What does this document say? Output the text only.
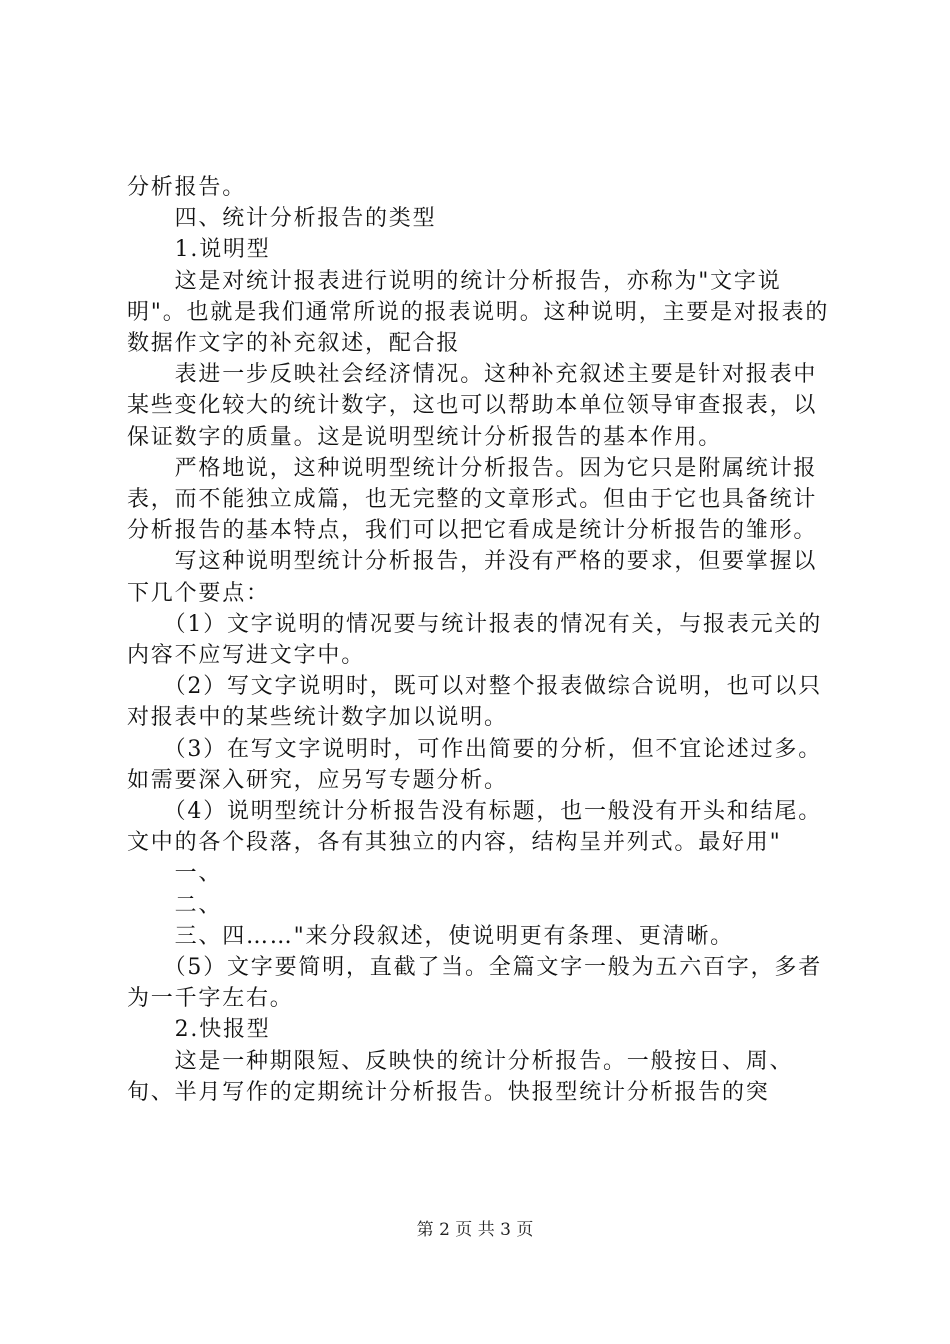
分析报告。

　　四、统计分析报告的类型

　　1.说明型

　　这是对统计报表进行说明的统计分析报告，亦称为"文字说明"。也就是我们通常所说的报表说明。这种说明，主要是对报表的数据作文字的补充叙述，配合报

　　表进一步反映社会经济情况。这种补充叙述主要是针对报表中某些变化较大的统计数字，这也可以帮助本单位领导审查报表，以保证数字的质量。这是说明型统计分析报告的基本作用。

　　严格地说，这种说明型统计分析报告。因为它只是附属统计报表，而不能独立成篇，也无完整的文章形式。但由于它也具备统计分析报告的基本特点，我们可以把它看成是统计分析报告的雏形。

　　写这种说明型统计分析报告，并没有严格的要求，但要掌握以下几个要点：

　　（1）文字说明的情况要与统计报表的情况有关，与报表元关的内容不应写进文字中。

　　（2）写文字说明时，既可以对整个报表做综合说明，也可以只对报表中的某些统计数字加以说明。

　　（3）在写文字说明时，可作出简要的分析，但不宜论述过多。如需要深入研究，应另写专题分析。

　　（4）说明型统计分析报告没有标题，也一般没有开头和结尾。文中的各个段落，各有其独立的内容，结构呈并列式。最好用"

　　一、

　　二、

　　三、四……"来分段叙述，使说明更有条理、更清晰。

　　（5）文字要简明，直截了当。全篇文字一般为五六百字，多者为一千字左右。

　　2.快报型

　　这是一种期限短、反映快的统计分析报告。一般按日、周、旬、半月写作的定期统计分析报告。快报型统计分析报告的突

第 2 页 共 3 页
